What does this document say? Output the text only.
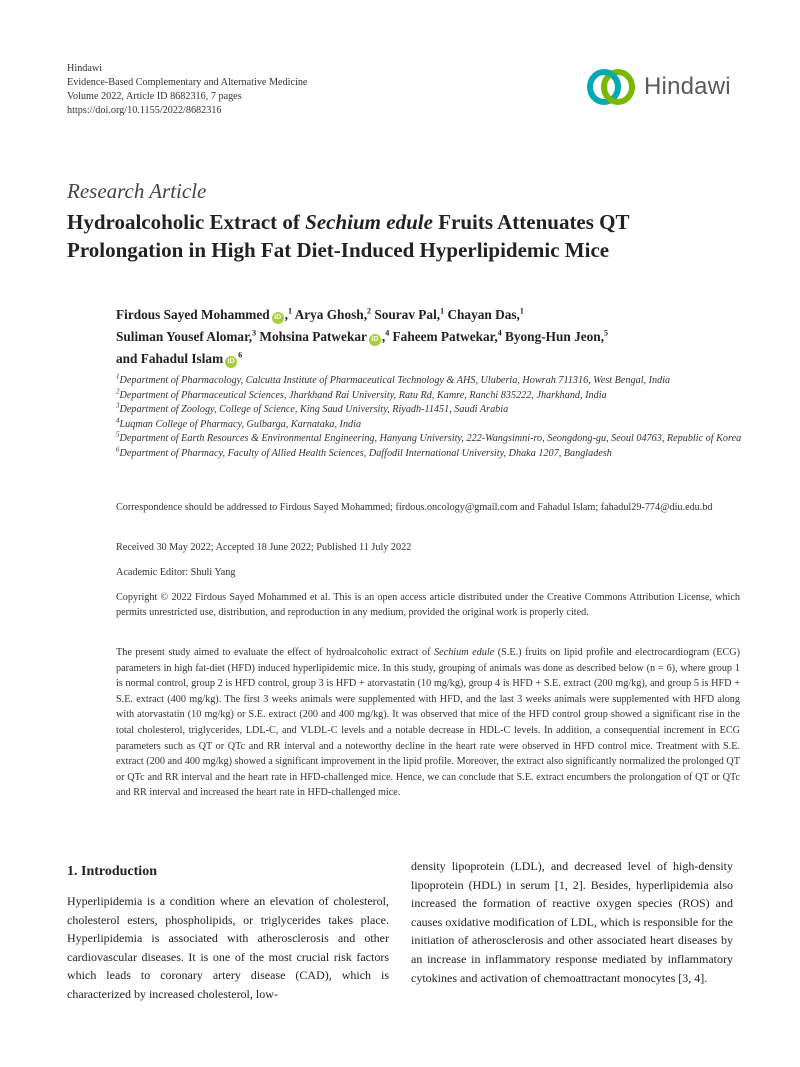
Hindawi
Evidence-Based Complementary and Alternative Medicine
Volume 2022, Article ID 8682316, 7 pages
https://doi.org/10.1155/2022/8682316
Hindawi
Research Article
Hydroalcoholic Extract of Sechium edule Fruits Attenuates QT Prolongation in High Fat Diet-Induced Hyperlipidemic Mice
Firdous Sayed Mohammed iD ,$^1$ Arya Ghosh,$^2$ Sourav Pal,$^1$ Chayan Das,$^1$
Suliman Yousef Alomar,$^3$ Mohsina Patwekar iD ,$^4$ Faheem Patwekar,$^4$ Byong-Hun Jeon,$^5$
and Fahadul Islam $iD^6$
$^1$Department of Pharmacology, Calcutta Institute of Pharmaceutical Technology & AHS, Uluberia, Howrah 711316, West Bengal, India
$^2$Department of Pharmaceutical Sciences, Jharkhand Rai University, Ratu Rd, Kamre, Ranchi 835222, Jharkhand, India
$^3$Department of Zoology, College of Science, King Saud University, Riyadh-11451, Saudi Arabia
$^4$Luqman College of Pharmacy, Gulbarga, Karnataka, India
$^5$Department of Earth Resources & Environmental Engineering, Hanyang University, 222-Wangsimni-ro, Seongdong-gu, Seoul 04763, Republic of Korea
$^6$Department of Pharmacy, Faculty of Allied Health Sciences, Daffodil International University, Dhaka 1207, Bangladesh
Correspondence should be addressed to Firdous Sayed Mohammed; firdous.oncology@gmail.com and Fahadul Islam; fahadul29-774@diu.edu.bd
Received 30 May 2022; Accepted 18 June 2022; Published 11 July 2022
Academic Editor: Shuli Yang
Copyright © 2022 Firdous Sayed Mohammed et al. This is an open access article distributed under the Creative Commons Attribution License, which permits unrestricted use, distribution, and reproduction in any medium, provided the original work is properly cited.
The present study aimed to evaluate the effect of hydroalcoholic extract of Sechium edule (S.E.) fruits on lipid profile and electrocardiogram (ECG) parameters in high fat-diet (HFD) induced hyperlipidemic mice. In this study, grouping of animals was done as described below (n = 6), where group 1 is normal control, group 2 is HFD control, group 3 is HFD + atorvastatin (10 mg/kg), group 4 is HFD + S.E. extract (200 mg/kg), and group 5 is HFD + S.E. extract (400 mg/kg). The first 3 weeks animals were supplemented with HFD, and the last 3 weeks animals were supplemented with HFD along with atorvastatin (10 mg/kg) or S.E. extract (200 and 400 mg/kg). It was observed that mice of the HFD control group showed a significant rise in the total cholesterol, triglycerides, LDL-C, and VLDL-C levels and a notable decrease in HDL-C levels. In addition, a consequential increment in ECG parameters such as QT or QTc and RR interval and a noteworthy decline in the heart rate were observed in HFD control mice. Treatment with S.E. extract (200 and 400 mg/kg) showed a significant improvement in the lipid profile. Moreover, the extract also significantly normalized the prolonged QT or QTc and RR interval and the heart rate in HFD-challenged mice. Hence, we can conclude that S.E. extract encumbers the prolongation of QT or QTc and RR interval and increased the heart rate in HFD-challenged mice.
1. Introduction

Hyperlipidemia is a condition where an elevation of cholesterol, cholesterol esters, phospholipids, or triglycerides takes place. Hyperlipidemia is associated with atherosclerosis and other cardiovascular diseases. It is one of the most crucial risk factors which leads to coronary artery disease (CAD), which is characterized by increased cholesterol, low-

density lipoprotein (LDL), and decreased level of high-density lipoprotein (HDL) in serum [1, 2]. Besides, hyperlipidemia also increased the formation of reactive oxygen species (ROS) and causes oxidative modification of LDL, which is responsible for the initiation of atherosclerosis and other associated heart diseases by an increase in inflammatory response mediated by inflammatory cytokines and activation of chemoattractant monocytes [3, 4].
